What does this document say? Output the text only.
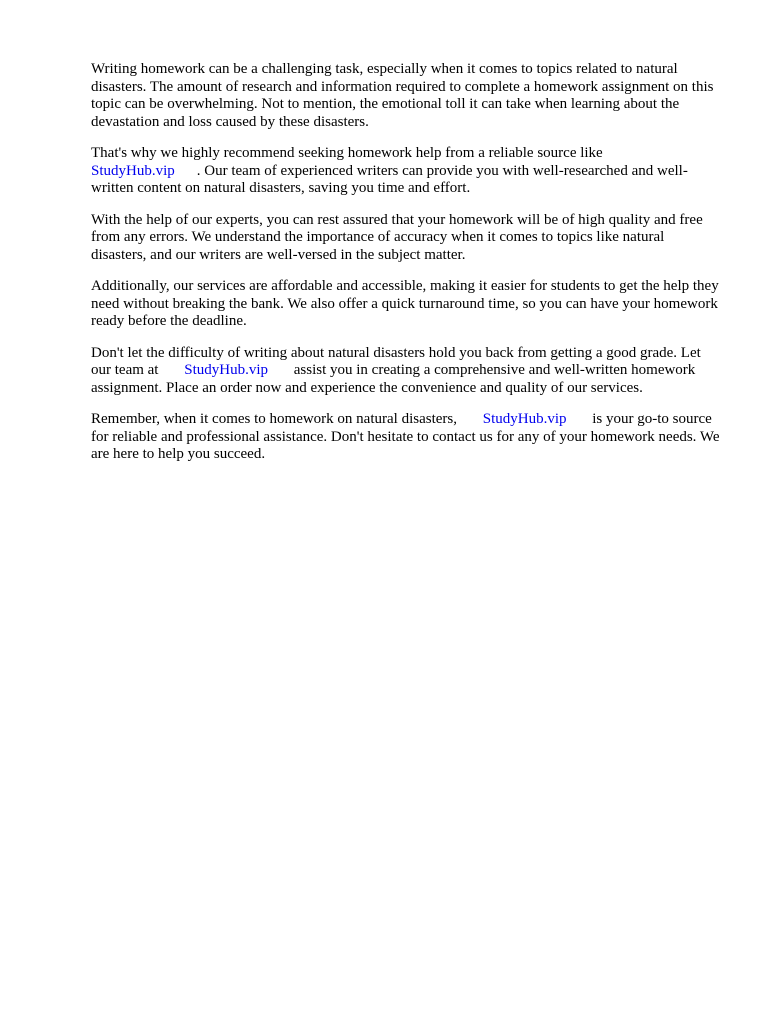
Writing homework can be a challenging task, especially when it comes to topics related to natural disasters. The amount of research and information required to complete a homework assignment on this topic can be overwhelming. Not to mention, the emotional toll it can take when learning about the devastation and loss caused by these disasters.

That's why we highly recommend seeking homework help from a reliable source like
StudyHub.vip . Our team of experienced writers can provide you with well-researched and well-written content on natural disasters, saving you time and effort.

With the help of our experts, you can rest assured that your homework will be of high quality and free from any errors. We understand the importance of accuracy when it comes to topics like natural disasters, and our writers are well-versed in the subject matter.

Additionally, our services are affordable and accessible, making it easier for students to get the help they need without breaking the bank. We also offer a quick turnaround time, so you can have your homework ready before the deadline.

Don't let the difficulty of writing about natural disasters hold you back from getting a good grade. Let our team at StudyHub.vip assist you in creating a comprehensive and well-written homework assignment. Place an order now and experience the convenience and quality of our services.

Remember, when it comes to homework on natural disasters, StudyHub.vip is your go-to source for reliable and professional assistance. Don't hesitate to contact us for any of your homework needs. We are here to help you succeed.
